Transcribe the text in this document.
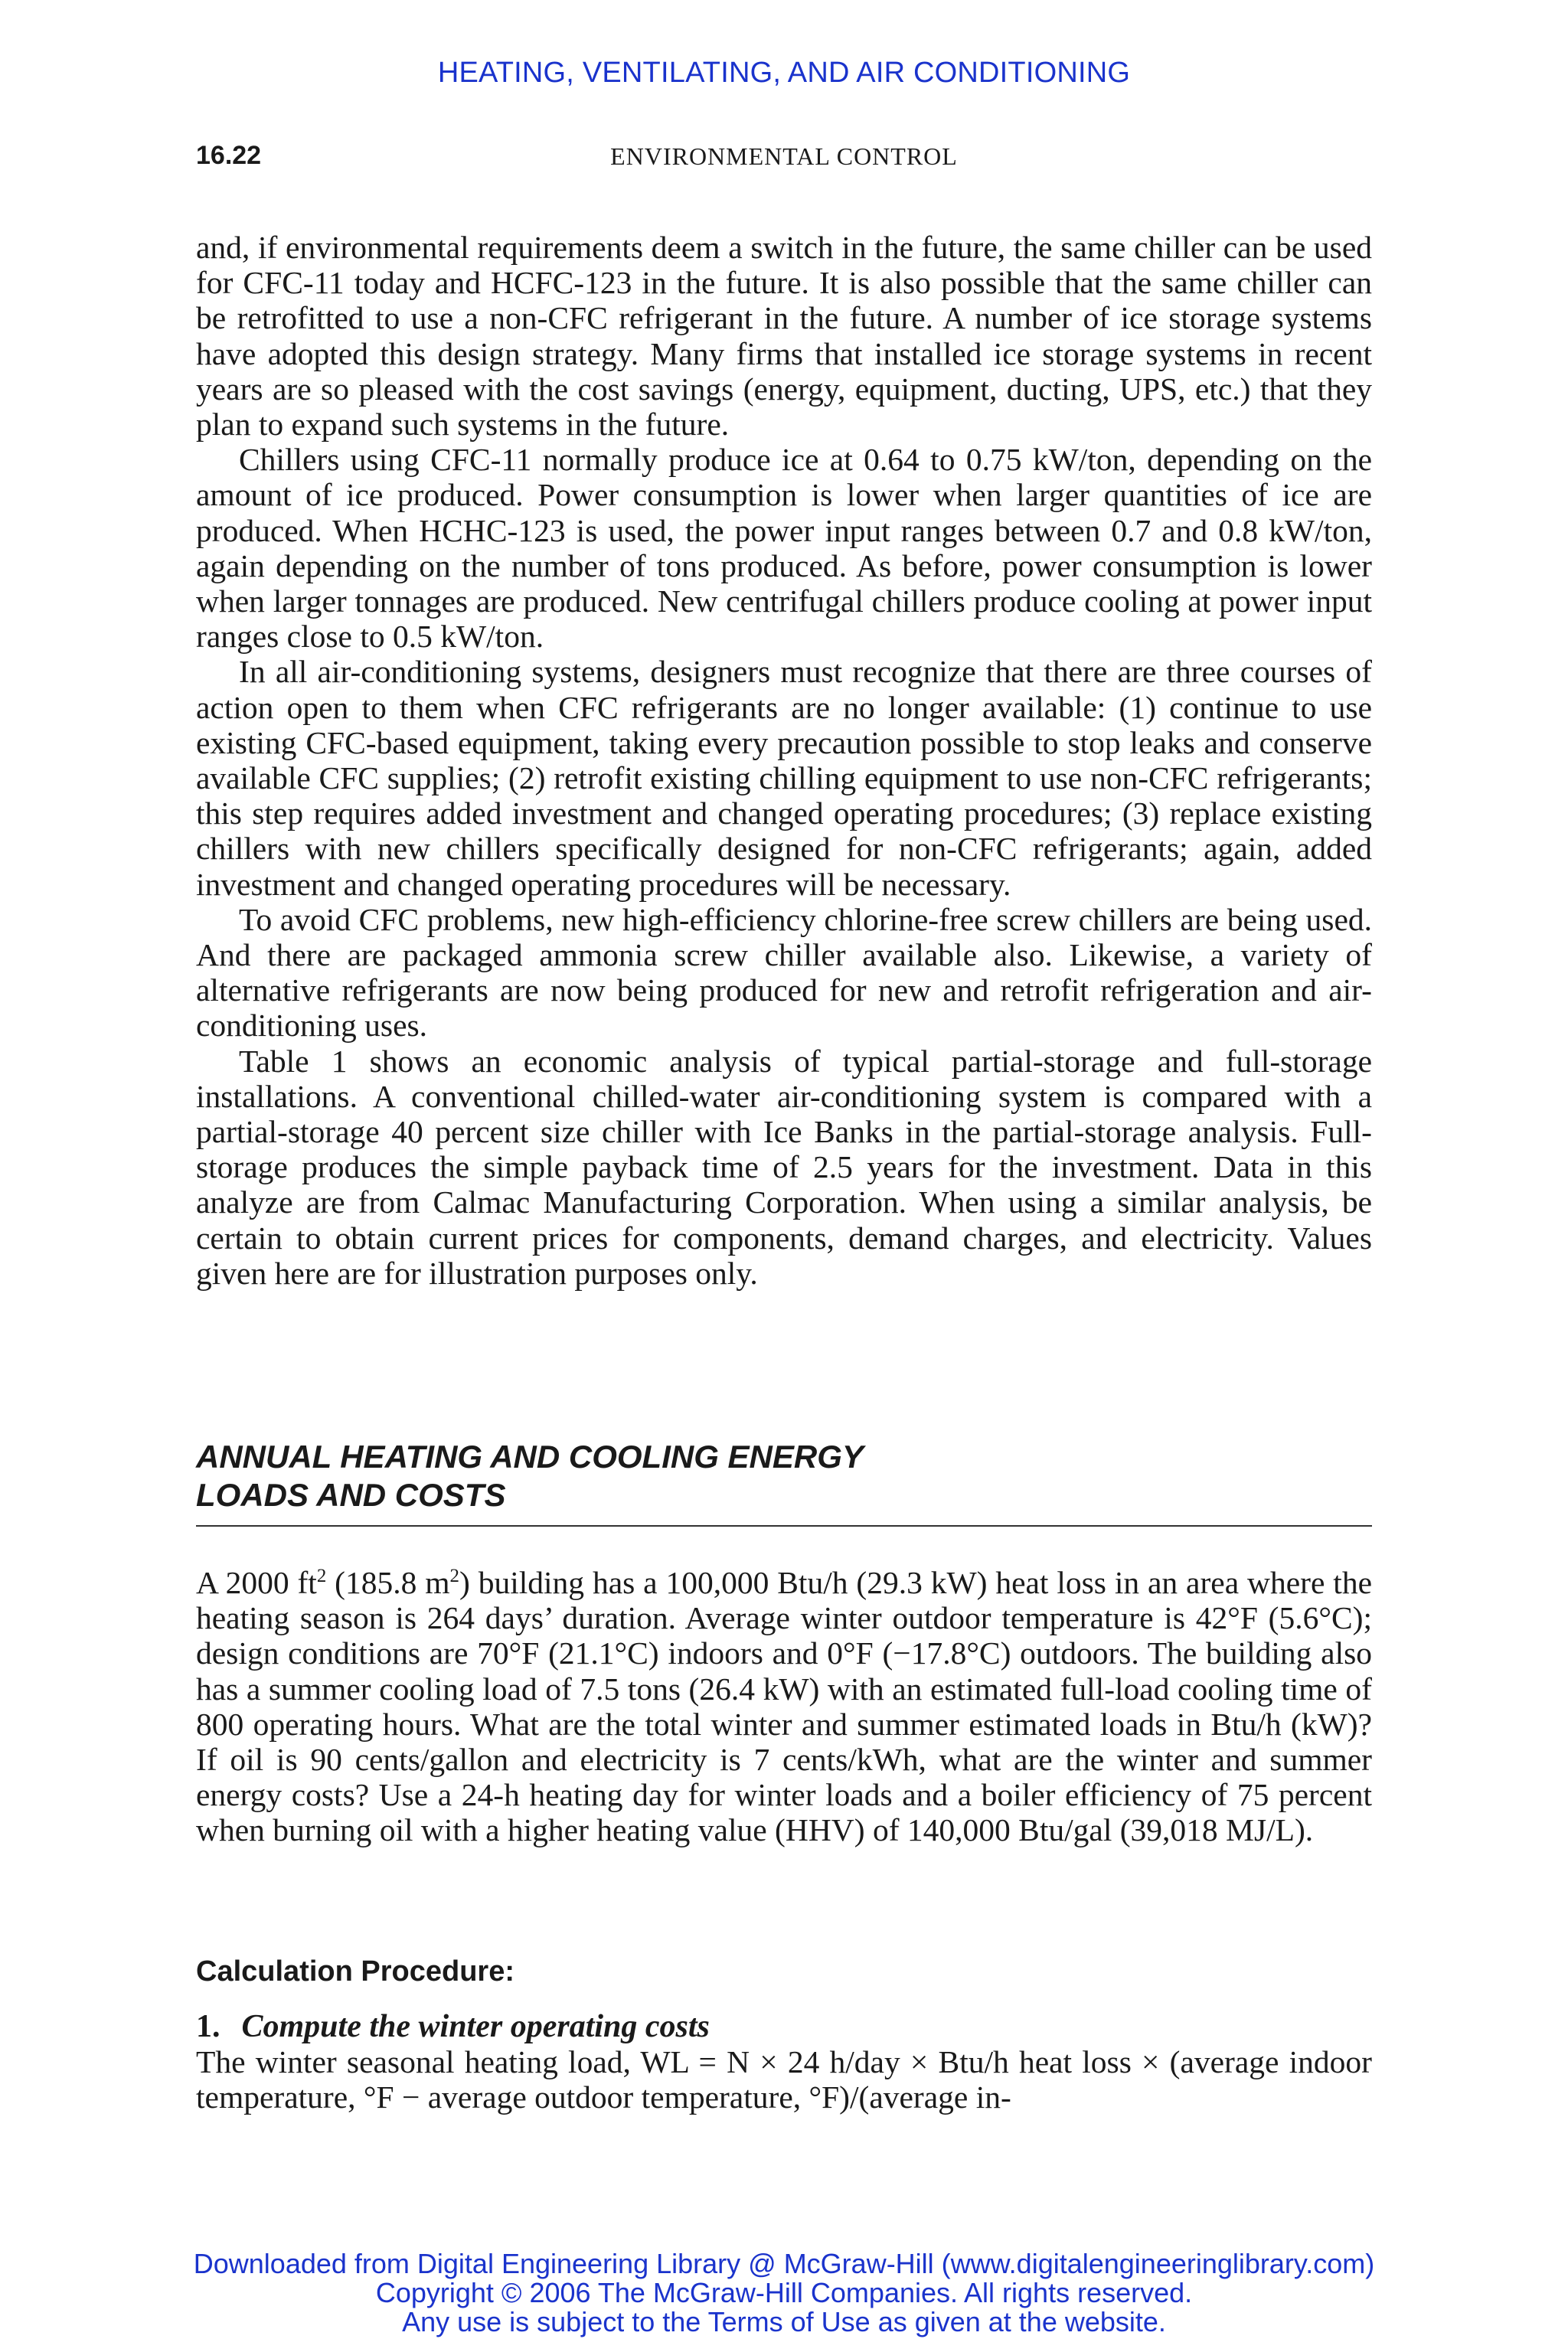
HEATING, VENTILATING, AND AIR CONDITIONING
16.22	ENVIRONMENTAL CONTROL

and, if environmental requirements deem a switch in the future, the same chiller can be used for CFC-11 today and HCFC-123 in the future. It is also possible that the same chiller can be retrofitted to use a non-CFC refrigerant in the future. A number of ice storage systems have adopted this design strategy. Many firms that installed ice storage systems in recent years are so pleased with the cost savings (energy, equipment, ducting, UPS, etc.) that they plan to expand such systems in the future.

Chillers using CFC-11 normally produce ice at 0.64 to 0.75 kW/ton, depending on the amount of ice produced. Power consumption is lower when larger quantities of ice are produced. When HCHC-123 is used, the power input ranges between 0.7 and 0.8 kW/ton, again depending on the number of tons produced. As before, power consumption is lower when larger tonnages are produced. New centrifugal chillers produce cooling at power input ranges close to 0.5 kW/ton.

In all air-conditioning systems, designers must recognize that there are three courses of action open to them when CFC refrigerants are no longer available: (1) continue to use existing CFC-based equipment, taking every precaution possible to stop leaks and conserve available CFC supplies; (2) retrofit existing chilling equipment to use non-CFC refrigerants; this step requires added investment and changed operating procedures; (3) replace existing chillers with new chillers specifically designed for non-CFC refrigerants; again, added investment and changed operating procedures will be necessary.

To avoid CFC problems, new high-efficiency chlorine-free screw chillers are being used. And there are packaged ammonia screw chiller available also. Likewise, a variety of alternative refrigerants are now being produced for new and retrofit refrigeration and air-conditioning uses.

Table 1 shows an economic analysis of typical partial-storage and full-storage installations. A conventional chilled-water air-conditioning system is compared with a partial-storage 40 percent size chiller with Ice Banks in the partial-storage analysis. Full-storage produces the simple payback time of 2.5 years for the investment. Data in this analyze are from Calmac Manufacturing Corporation. When using a similar analysis, be certain to obtain current prices for components, demand charges, and electricity. Values given here are for illustration purposes only.

ANNUAL HEATING AND COOLING ENERGY
LOADS AND COSTS

A 2000 $ft^2$ (185.8 $m^2$) building has a 100,000 Btu/h (29.3 kW) heat loss in an area where the heating season is 264 days’ duration. Average winter outdoor temperature is 42°F (5.6°C); design conditions are 70°F (21.1°C) indoors and 0°F (−17.8°C) outdoors. The building also has a summer cooling load of 7.5 tons (26.4 kW) with an estimated full-load cooling time of 800 operating hours. What are the total winter and summer estimated loads in Btu/h (kW)? If oil is 90 cents/gallon and electricity is 7 cents/kWh, what are the winter and summer energy costs? Use a 24-h heating day for winter loads and a boiler efficiency of 75 percent when burning oil with a higher heating value (HHV) of 140,000 Btu/gal (39,018 MJ/L).

Calculation Procedure:
1. Compute the winter operating costs

The winter seasonal heating load, WL = N × 24 h/day × Btu/h heat loss × (average indoor temperature, °F − average outdoor temperature, °F)/(average in-

Downloaded from Digital Engineering Library @ McGraw-Hill (www.digitalengineeringlibrary.com)
Copyright © 2006 The McGraw-Hill Companies. All rights reserved.
Any use is subject to the Terms of Use as given at the website.
